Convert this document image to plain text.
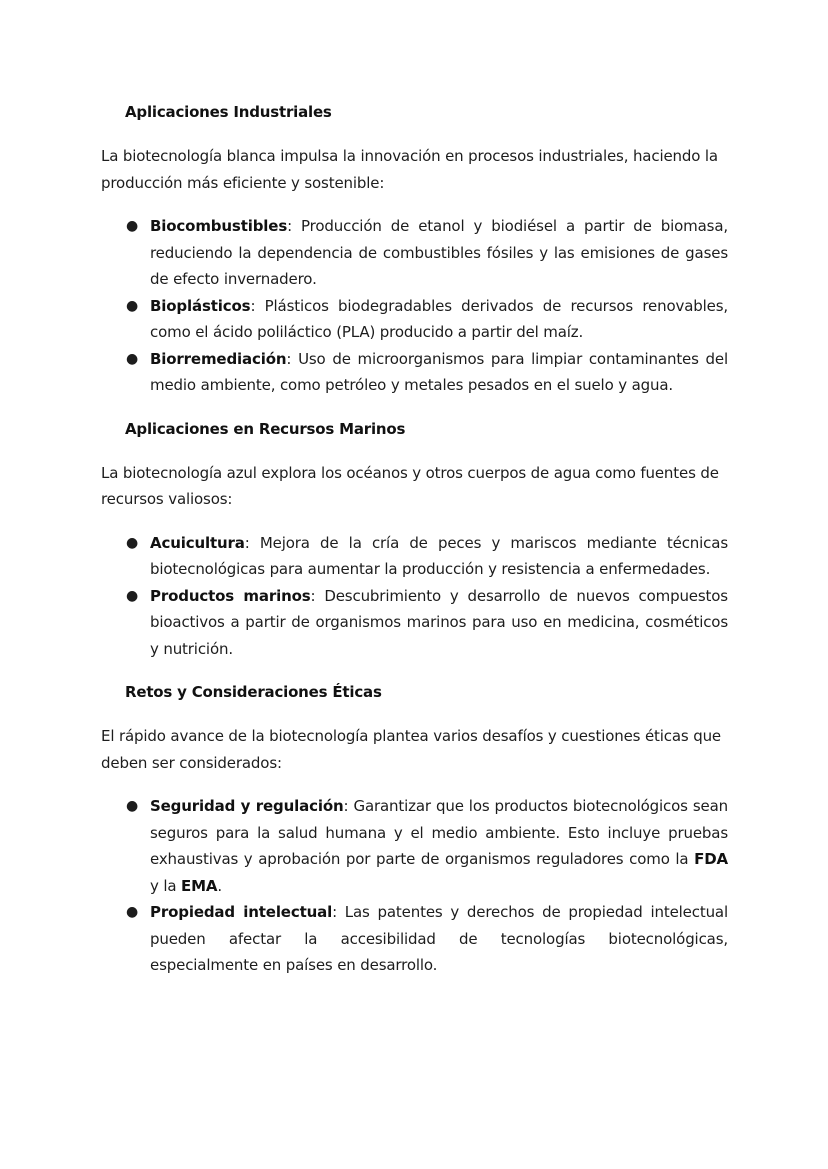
Aplicaciones Industriales

La biotecnología blanca impulsa la innovación en procesos industriales, haciendo la producción más eficiente y sostenible:

● Biocombustibles: Producción de etanol y biodiésel a partir de biomasa, reduciendo la dependencia de combustibles fósiles y las emisiones de gases de efecto invernadero.
● Bioplásticos: Plásticos biodegradables derivados de recursos renovables, como el ácido poliláctico (PLA) producido a partir del maíz.
● Biorremediación: Uso de microorganismos para limpiar contaminantes del medio ambiente, como petróleo y metales pesados en el suelo y agua.
Aplicaciones en Recursos Marinos

La biotecnología azul explora los océanos y otros cuerpos de agua como fuentes de recursos valiosos:

● Acuicultura: Mejora de la cría de peces y mariscos mediante técnicas biotecnológicas para aumentar la producción y resistencia a enfermedades.
● Productos marinos: Descubrimiento y desarrollo de nuevos compuestos bioactivos a partir de organismos marinos para uso en medicina, cosméticos y nutrición.
Retos y Consideraciones Éticas

El rápido avance de la biotecnología plantea varios desafíos y cuestiones éticas que deben ser considerados:

● Seguridad y regulación: Garantizar que los productos biotecnológicos sean seguros para la salud humana y el medio ambiente. Esto incluye pruebas exhaustivas y aprobación por parte de organismos reguladores como la FDA y la EMA.
● Propiedad intelectual: Las patentes y derechos de propiedad intelectual pueden afectar la accesibilidad de tecnologías biotecnológicas, especialmente en países en desarrollo.
